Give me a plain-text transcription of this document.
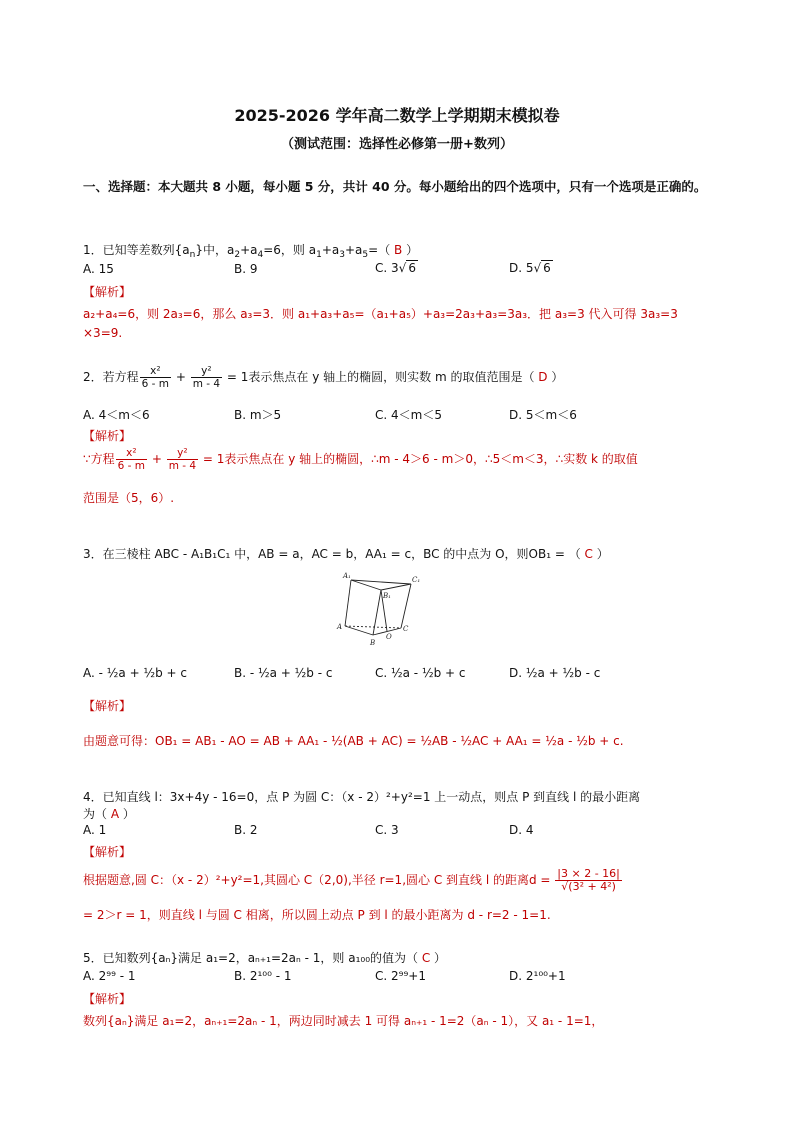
2025-2026 学年高二数学上学期期末模拟卷
（测试范围：选择性必修第一册+数列）
一、选择题：本大题共 8 小题，每小题 5 分，共计 40 分。每小题给出的四个选项中，只有一个选项是正确的。
1．已知等差数列$\{a_n\}$中，$a_2+a_4=6$，则 $a_1+a_3+a_5=$（ B ）
A. 15	B. 9	C. 3√ 6	D. 5√ 6
【解析】
a₂+a₄=6，则 2a₃=6，那么 a₃=3．则 a₁+a₃+a₅=（a₁+a₅）+a₃=2a₃+a₃=3a₃．把 a₃=3 代入可得 3a₃=3
×3=9.
2．若方程 $\frac{\text{x²}}{6 - m} + \frac{\text{y²}}{m - 4} = 1$表示焦点在 y 轴上的椭圆，则实数 m 的取值范围是（ D ）
A. 4＜m＜6	B. m＞5	C. 4＜m＜5	D. 5＜m＜6
【解析】
∵方程 $\frac{\text{x²}}{6 - m} + \frac{\text{y²}}{m - 4} = 1$表示焦点在 y 轴上的椭圆，∴m - 4＞6 - m＞0，∴5＜m＜3，∴实数 k 的取值
范围是（5，6）.
3．在三棱柱 ABC - A₁B₁C₁ 中，AB = a，AC = b，AA₁ = c，BC 的中点为 O，则OB₁ = （ C ）
A₁	C₁
B₁
A
B
C
O
A. - ½a + ½b + c	B. - ½a + ½b - c	C. ½a - ½b + c	D. ½a + ½b - c
【解析】
由题意可得：OB₁ = AB₁ - AO = AB + AA₁ - ½(AB + AC) = ½AB - ½AC + AA₁ = ½a - ½b + c.
4．已知直线 l：3x+4y - 16=0，点 P 为圆 C：（x - 2）²+y²=1 上一动点，则点 P 到直线 l 的最小距离
为（ A ）
A. 1	B. 2	C. 3	D. 4
【解析】
根据题意,圆 C：（x - 2）²+y²=1,其圆心 C（2,0),半径 r=1,圆心 C 到直线 l 的距离$d = \frac{|3 \times 2 - 16|}{\text{√(3² + 4²)}}$
= 2＞r = 1，则直线 l 与圆 C 相离，所以圆上动点 P 到 l 的最小距离为 d - r=2 - 1=1.
5．已知数列{aₙ}满足 a₁=2，aₙ₊₁=2aₙ - 1，则 a₁₀₀的值为（ C ）
A. 2⁹⁹ - 1	B. 2¹⁰⁰ - 1	C. 2⁹⁹+1	D. 2¹⁰⁰+1
【解析】
数列{aₙ}满足 a₁=2，aₙ₊₁=2aₙ - 1，两边同时减去 1 可得 aₙ₊₁ - 1=2（aₙ - 1），又 a₁ - 1=1，
